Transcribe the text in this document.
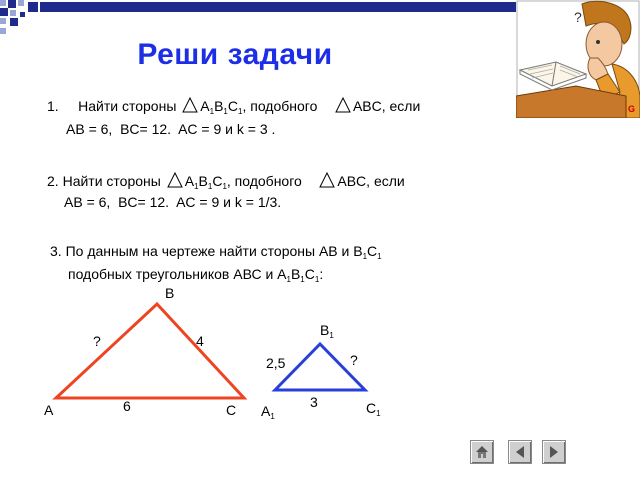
?
G
Реши задачи
1. Найти стороны $A_1B_1C_1$, подобного	ABC, если
AB = 6,  BC= 12.  AC = 9 и k = 3 .
2. Найти стороны $A_1B_1C_1$, подобного	ABC, если
AB = 6,  BC= 12.  AC = 9 и k = 1/3.
3. По данным на чертеже найти стороны АВ и $В_1С_1$
подобных треугольников АВС и $А_1В_1С_1$:
B
A	C
?	4
6
$B_1$
$A_1$
$C_1$
2,5	?
3
